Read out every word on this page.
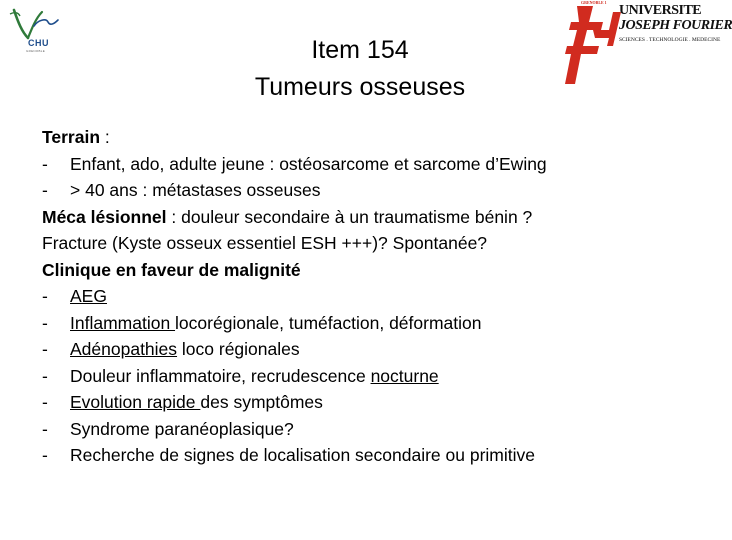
CHU
GRENOBLE
GRENOBLE 1
UNIVERSITE
JOSEPH FOURIER
SCIENCES . TECHNOLOGIE . MEDECINE
Item 154
Tumeurs osseuses
Terrain :
- Enfant, ado, adulte jeune : ostéosarcome et sarcome d’Ewing
- > 40 ans : métastases osseuses
Méca lésionnel : douleur secondaire à un traumatisme bénin ?
Fracture (Kyste osseux essentiel ESH +++)? Spontanée?
Clinique en faveur de malignité
- AEG
- Inflammation locorégionale, tuméfaction, déformation
- Adénopathies loco régionales
- Douleur inflammatoire, recrudescence nocturne
- Evolution rapide des symptômes
- Syndrome paranéoplasique?
- Recherche de signes de localisation secondaire ou primitive
